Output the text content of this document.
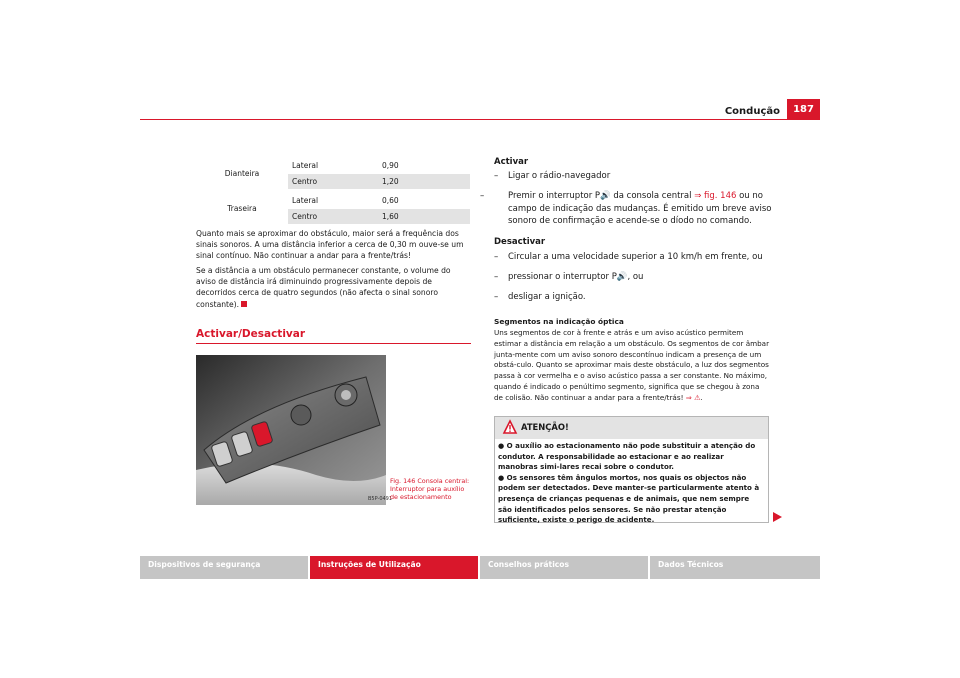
Condução	187
Dianteira	Lateral	0,90
	Centro	1,20

Traseira	Lateral	0,60
	Centro	1,60

Quanto mais se aproximar do obstáculo, maior será a frequência dos sinais sonoros. A uma distância inferior a cerca de 0,30 m ouve-se um sinal contínuo. Não continuar a andar para a frente/trás!

Se a distância a um obstáculo permanecer constante, o volume do aviso de distância irá diminuindo progressivamente depois de decorridos cerca de quatro segundos (não afecta o sinal sonoro constante).

Activar/Desactivar
B5P-0491
Fig. 146 Consola central: Interruptor para auxílio de estacionamento
Activar
– Ligar o rádio-navegador
–	Premir o interruptor P🔊 da consola central ⇒ fig. 146 ou no campo de indicação das mudanças. É emitido um breve aviso sonoro de confirmação e acende-se o díodo no comando.
Desactivar
– Circular a uma velocidade superior a 10 km/h em frente, ou
– pressionar o interruptor P🔊, ou
– desligar a ignição.
Segmentos na indicação óptica

Uns segmentos de cor à frente e atrás e um aviso acústico permitem estimar a distância em relação a um obstáculo. Os segmentos de cor âmbar junta-mente com um aviso sonoro descontínuo indicam a presença de um obstá-culo. Quanto se aproximar mais deste obstáculo, a luz dos segmentos passa à cor vermelha e o aviso acústico passa a ser constante. No máximo, quando é indicado o penúltimo segmento, significa que se chegou à zona de colisão. Não continuar a andar para a frente/trás! ⇒ ⚠.

ATENÇÃO!

● O auxílio ao estacionamento não pode substituir a atenção do condutor. A responsabilidade ao estacionar e ao realizar manobras simi-lares recai sobre o condutor.

● Os sensores têm ângulos mortos, nos quais os objectos não podem ser detectados. Deve manter-se particularmente atento à presença de crianças pequenas e de animais, que nem sempre são identificados pelos sensores. Se não prestar atenção suficiente, existe o perigo de acidente.

Dispositivos de segurança	Instruções de Utilização	Conselhos práticos	Dados Técnicos
